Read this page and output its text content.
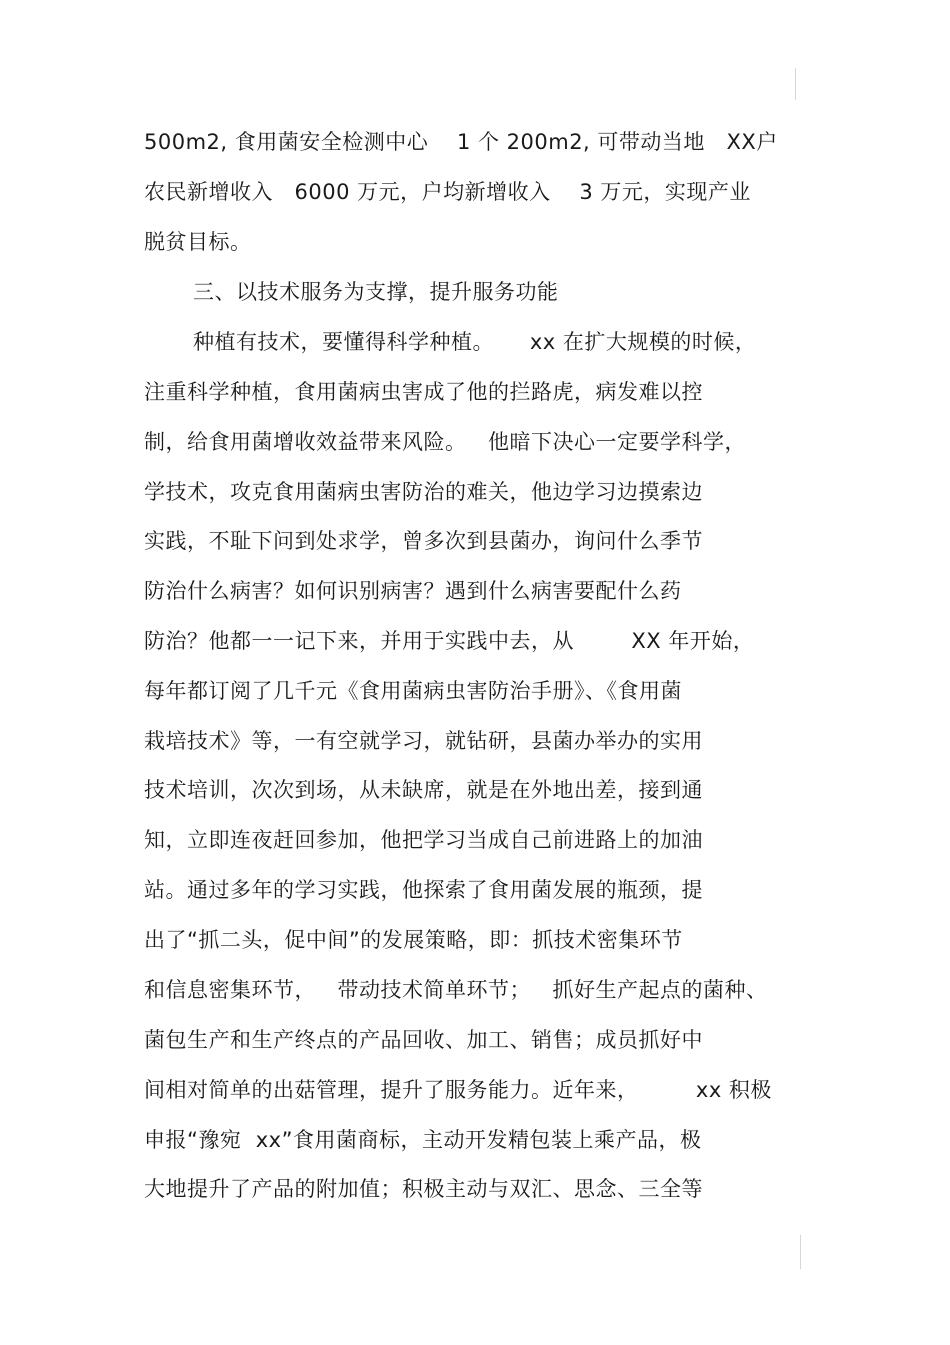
500m2, 食用菌安全检测中心    1 个 200m2, 可带动当地   XX户
农民新增收入   6000 万元，户均新增收入    3 万元，实现产业
脱贫目标。
三、以技术服务为支撑，提升服务功能
种植有技术，要懂得科学种植。     xx 在扩大规模的时候，
注重科学种植，食用菌病虫害成了他的拦路虎，病发难以控
制，给食用菌增收效益带来风险。   他暗下决心一定要学科学，
学技术，攻克食用菌病虫害防治的难关，他边学习边摸索边
实践，不耻下问到处求学，曾多次到县菌办，询问什么季节
防治什么病害？如何识别病害？遇到什么病害要配什么药
防治？他都一一记下来，并用于实践中去，从        XX 年开始，
每年都订阅了几千元《食用菌病虫害防治手册》、《食用菌
栽培技术》等，一有空就学习，就钻研，县菌办举办的实用
技术培训，次次到场，从未缺席，就是在外地出差，接到通
知，立即连夜赶回参加，他把学习当成自己前进路上的加油
站。通过多年的学习实践，他探索了食用菌发展的瓶颈，提
出了“抓二头，促中间”的发展策略，即：抓技术密集环节
和信息密集环节，   带动技术简单环节；   抓好生产起点的菌种、
菌包生产和生产终点的产品回收、加工、销售；成员抓好中
间相对简单的出菇管理，提升了服务能力。近年来，        xx 积极
申报“豫宛  xx”食用菌商标，主动开发精包装上乘产品，极
大地提升了产品的附加值；积极主动与双汇、思念、三全等
